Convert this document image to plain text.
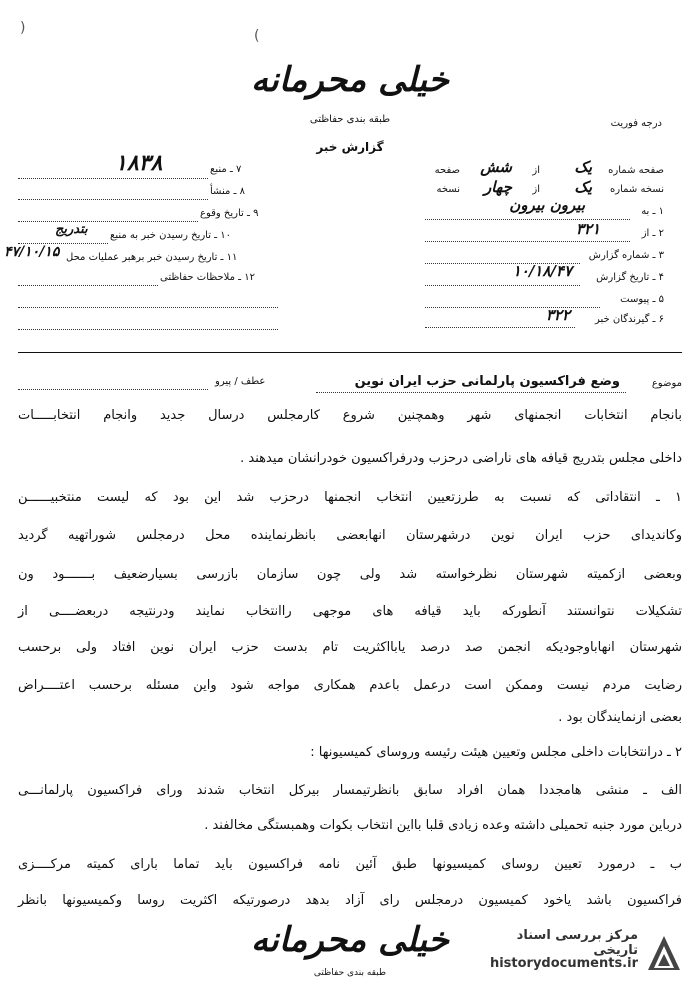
(
)
خیلی محرمانه
طبقه بندی حفاظتی	درجه فوریت
گزارش خبر
صفحه شماره
یک
از
شش
صفحه
نسخه شماره
یک
از
چهار
نسخه
۱ ـ به
بیرون بیرون
۲ ـ از
۳۲۱
۳ ـ شماره گزارش
۴ ـ تاریخ گزارش
۱۰/۱۸/۴۷
۵ ـ پیوست
۶ ـ گیرندگان خبر
۳۲۲
۷ ـ منبع
۱۸۳۸
۸ ـ منشأ
۹ ـ تاریخ وقوع
۱۰ ـ تاریخ رسیدن خبر به منبع
بتدریج
۱۱ ـ تاریخ رسیدن خبر برهبر عملیات محل
۴۷/۱۰/۱۵
۱۲ ـ ملاحظات حفاظتی
موضوع
وضع فراکسیون پارلمانی حزب ایران نوین
عطف / پیرو
بانجام انتخابات انجمنهای شهر وهمچنین شروع کارمجلس درسال جدید وانجام انتخابـــــات
داخلی مجلس بتدریج قیافه های ناراضی درحزب ودرفراکسیون خودرانشان میدهند .
۱ ـ انتقاداتی که نسبت به طرزتعیین انتخاب انجمنها درحزب شد این بود که لیست منتخبیــــــن
وکاندیدای حزب ایران نوین درشهرستان انهابعضی بانظرنماینده محل درمجلس شوراتهیه گردید
وبعضی ازکمیته شهرستان نظرخواسته شد ولی چون سازمان بازرسی بسیارضعیف بـــــــود ون
تشکیلات نتوانستند آنطورکه باید قیافه های موجهی راانتخاب نمایند ودرنتیجه دربعضــــی از
شهرستان انهاباوجودیکه انجمن صد درصد یابااکثریت تام بدست حزب ایران نوین افتاد ولی برحسب
رضایت مردم نیست وممکن است درعمل باعدم همکاری مواجه شود واین مسئله برحسب اعتــــراض
بعضی ازنمایندگان بود .
۲ ـ درانتخابات داخلی مجلس وتعیین هیئت رئیسه وروسای کمیسیونها :
الف ـ منشی هامجددا همان افراد سابق بانظرتیمسار بیرکل انتخاب شدند ورای فراکسیون پارلمانـــی
درباین مورد جنبه تحمیلی داشته وعده زیادی قلبا بااین انتخاب بکوات وهمبستگی مخالفند .
ب ـ درمورد تعیین روسای کمیسیونها طبق آئین نامه فراکسیون باید تماما بارای کمیته مرکــــزی
فراکسیون باشد یاخود کمیسیون درمجلس رای آزاد بدهد درصورتیکه اکثریت روسا وکمیسیونها بانظر
خیلی محرمانه
طبقه بندی حفاظتی
مرکز بررسی اسناد تاریخی
historydocuments.ir
